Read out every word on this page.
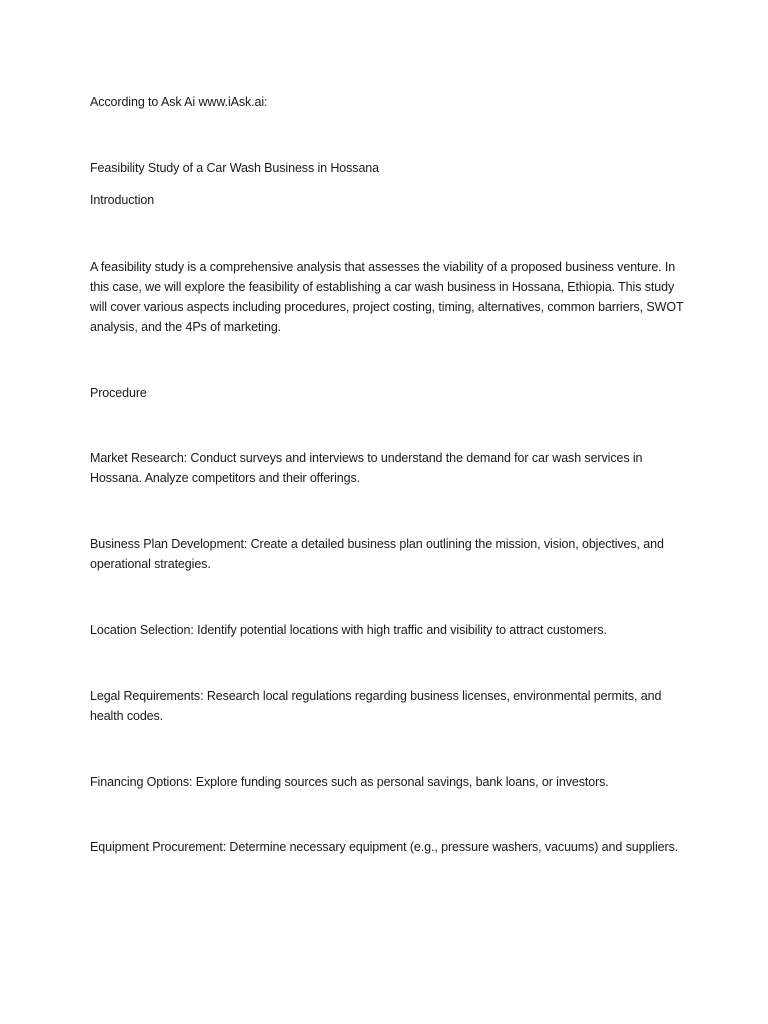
According to Ask Ai www.iAsk.ai:

Feasibility Study of a Car Wash Business in Hossana

Introduction

A feasibility study is a comprehensive analysis that assesses the viability of a proposed business venture. In this case, we will explore the feasibility of establishing a car wash business in Hossana, Ethiopia. This study will cover various aspects including procedures, project costing, timing, alternatives, common barriers, SWOT analysis, and the 4Ps of marketing.

Procedure

Market Research: Conduct surveys and interviews to understand the demand for car wash services in Hossana. Analyze competitors and their offerings.

Business Plan Development: Create a detailed business plan outlining the mission, vision, objectives, and operational strategies.

Location Selection: Identify potential locations with high traffic and visibility to attract customers.

Legal Requirements: Research local regulations regarding business licenses, environmental permits, and health codes.

Financing Options: Explore funding sources such as personal savings, bank loans, or investors.

Equipment Procurement: Determine necessary equipment (e.g., pressure washers, vacuums) and suppliers.
